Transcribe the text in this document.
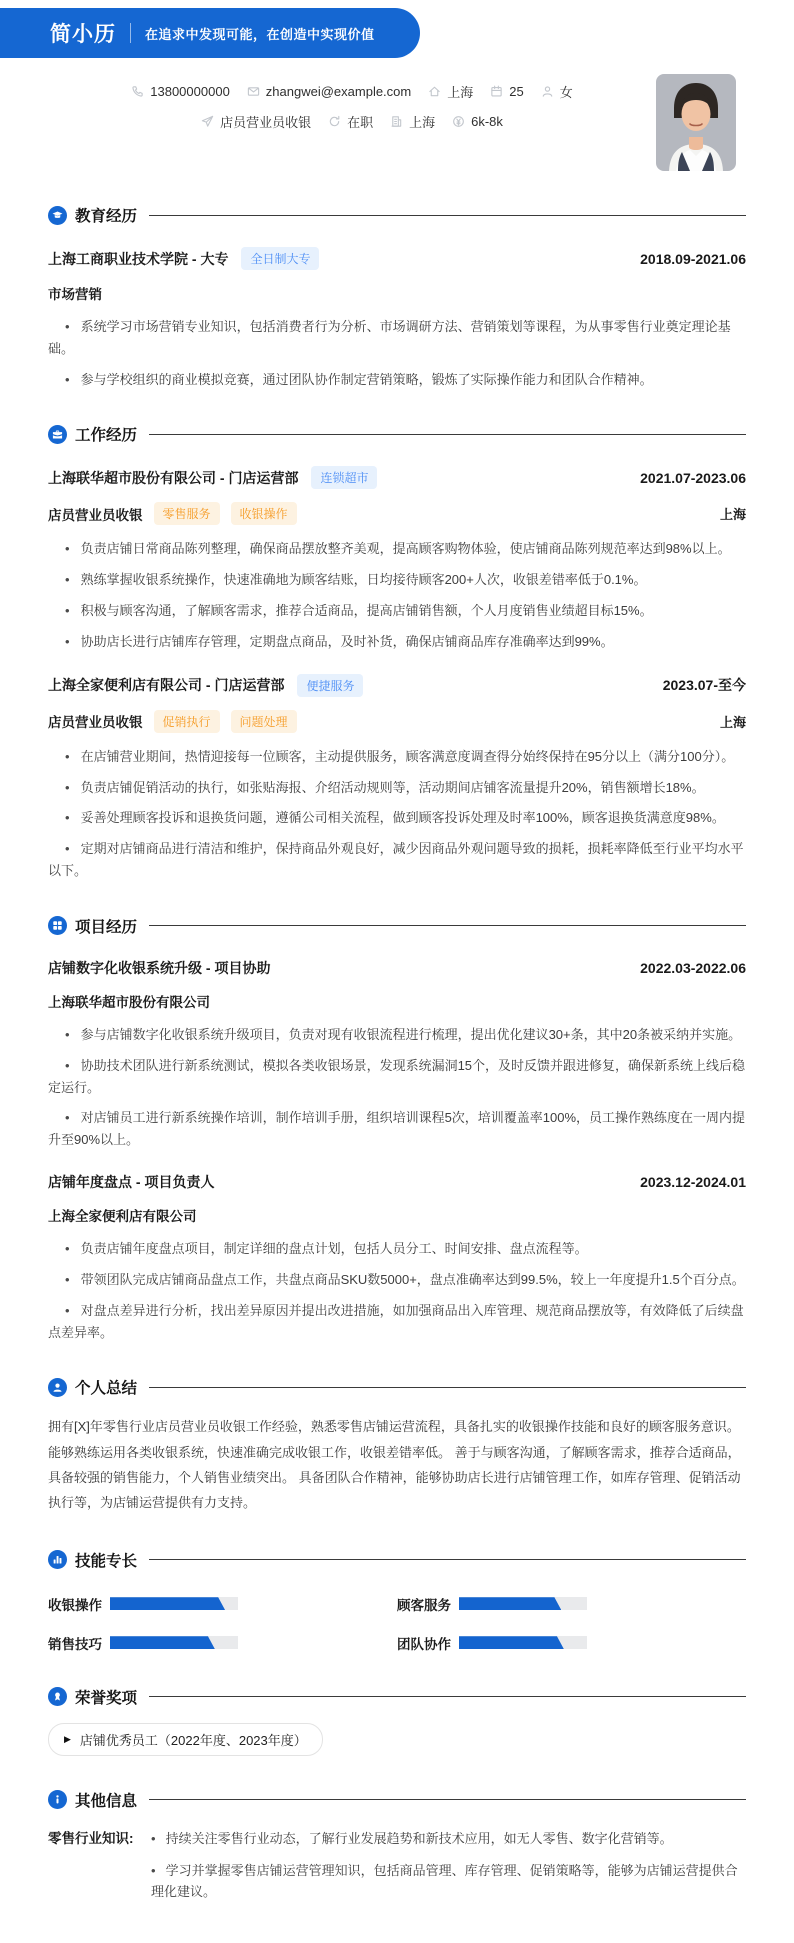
简小历 在追求中发现可能，在创造中实现价值
13800000000	zhangwei@example.com	上海	25	女
店员营业员收银	在职	上海	6k-8k
教育经历
上海工商职业技术学院 - 大专	全日制大专	2018.09-2021.06
市场营销
• 系统学习市场营销专业知识，包括消费者行为分析、市场调研方法、营销策划等课程，为从事零售行业奠定理论基础。
• 参与学校组织的商业模拟竞赛，通过团队协作制定营销策略，锻炼了实际操作能力和团队合作精神。
工作经历
上海联华超市股份有限公司 - 门店运营部	连锁超市	2021.07-2023.06
店员营业员收银	零售服务	收银操作	上海
• 负责店铺日常商品陈列整理，确保商品摆放整齐美观，提高顾客购物体验，使店铺商品陈列规范率达到98%以上。
• 熟练掌握收银系统操作，快速准确地为顾客结账，日均接待顾客200+人次，收银差错率低于0.1%。
• 积极与顾客沟通，了解顾客需求，推荐合适商品，提高店铺销售额，个人月度销售业绩超目标15%。
• 协助店长进行店铺库存管理，定期盘点商品，及时补货，确保店铺商品库存准确率达到99%。
上海全家便利店有限公司 - 门店运营部	便捷服务	2023.07-至今
店员营业员收银	促销执行	问题处理	上海
• 在店铺营业期间，热情迎接每一位顾客，主动提供服务，顾客满意度调查得分始终保持在95分以上（满分100分）。
• 负责店铺促销活动的执行，如张贴海报、介绍活动规则等，活动期间店铺客流量提升20%，销售额增长18%。
• 妥善处理顾客投诉和退换货问题，遵循公司相关流程，做到顾客投诉处理及时率100%，顾客退换货满意度98%。
• 定期对店铺商品进行清洁和维护，保持商品外观良好，减少因商品外观问题导致的损耗，损耗率降低至行业平均水平以下。
项目经历
店铺数字化收银系统升级 - 项目协助	2022.03-2022.06
上海联华超市股份有限公司
• 参与店铺数字化收银系统升级项目，负责对现有收银流程进行梳理，提出优化建议30+条，其中20条被采纳并实施。
• 协助技术团队进行新系统测试，模拟各类收银场景，发现系统漏洞15个，及时反馈并跟进修复，确保新系统上线后稳定运行。
• 对店铺员工进行新系统操作培训，制作培训手册，组织培训课程5次，培训覆盖率100%，员工操作熟练度在一周内提升至90%以上。
店铺年度盘点 - 项目负责人	2023.12-2024.01
上海全家便利店有限公司
• 负责店铺年度盘点项目，制定详细的盘点计划，包括人员分工、时间安排、盘点流程等。
• 带领团队完成店铺商品盘点工作，共盘点商品SKU数5000+，盘点准确率达到99.5%，较上一年度提升1.5个百分点。
• 对盘点差异进行分析，找出差异原因并提出改进措施，如加强商品出入库管理、规范商品摆放等，有效降低了后续盘点差异率。
个人总结

拥有[X]年零售行业店员营业员收银工作经验，熟悉零售店铺运营流程，具备扎实的收银操作技能和良好的顾客服务意识。 能够熟练运用各类收银系统，快速准确完成收银工作，收银差错率低。 善于与顾客沟通，了解顾客需求，推荐合适商品，具备较强的销售能力，个人销售业绩突出。 具备团队合作精神，能够协助店长进行店铺管理工作，如库存管理、促销活动执行等，为店铺运营提供有力支持。

技能专长
收银操作	顾客服务
销售技巧	团队协作
荣誉奖项
▶ 店铺优秀员工（2022年度、2023年度）
其他信息
零售行业知识:	• 持续关注零售行业动态，了解行业发展趋势和新技术应用，如无人零售、数字化营销等。
• 学习并掌握零售店铺运营管理知识，包括商品管理、库存管理、促销策略等，能够为店铺运营提供合理化建议。
